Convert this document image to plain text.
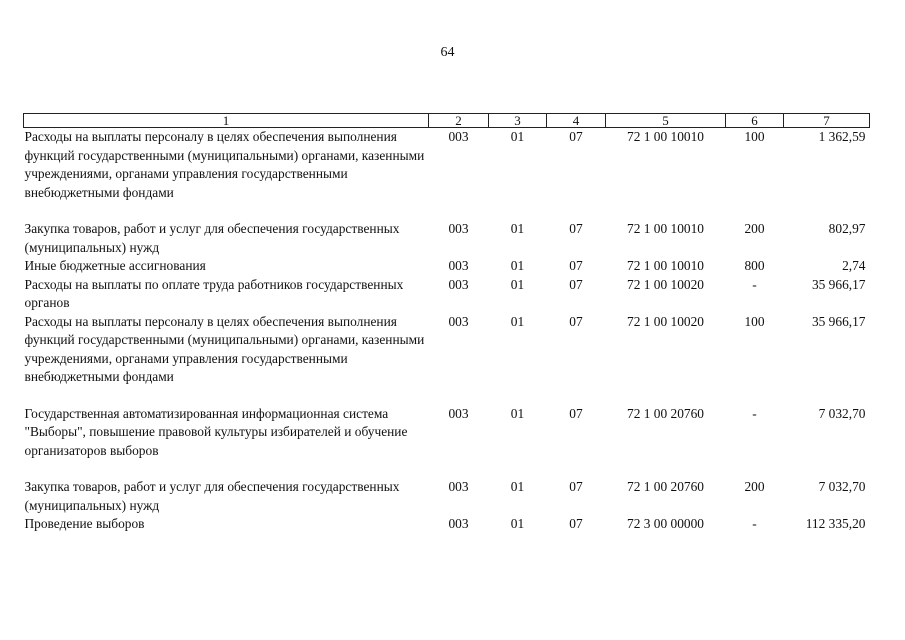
64
1	2	3	4	5	6	7
Расходы на выплаты персоналу в целях обеспечения выполнения функций государственными (муниципальными) органами, казенными учреждениями, органами управления государственными внебюджетными фондами	003	01	07	72 1 00 10010	100	1 362,59
Закупка товаров, работ и услуг для обеспечения государственных (муниципальных) нужд	003	01	07	72 1 00 10010	200	802,97
Иные бюджетные ассигнования	003	01	07	72 1 00 10010	800	2,74
Расходы на выплаты по оплате труда работников государственных органов	003	01	07	72 1 00 10020	-	35 966,17
Расходы на выплаты персоналу в целях обеспечения выполнения функций государственными (муниципальными) органами, казенными учреждениями, органами управления государственными внебюджетными фондами	003	01	07	72 1 00 10020	100	35 966,17
Государственная автоматизированная информационная система "Выборы", повышение правовой культуры избирателей и обучение организаторов выборов	003	01	07	72 1 00 20760	-	7 032,70
Закупка товаров, работ и услуг для обеспечения государственных (муниципальных) нужд	003	01	07	72 1 00 20760	200	7 032,70
Проведение выборов	003	01	07	72 3 00 00000	-	112 335,20
